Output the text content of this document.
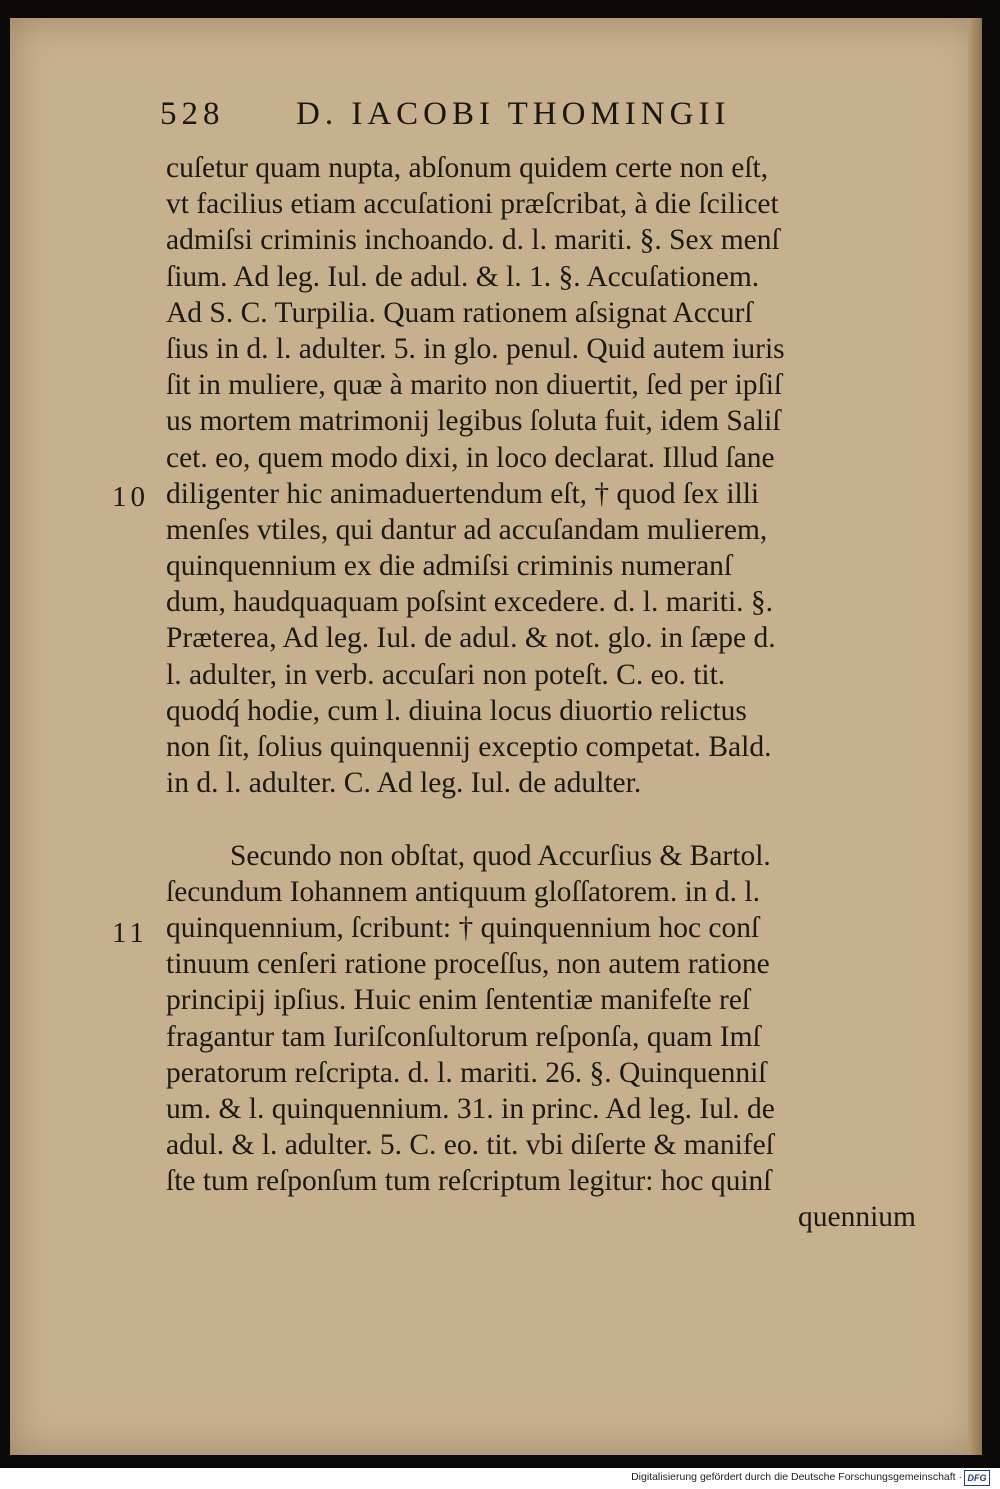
528 D. IACOBI THOMINGII
10
11
cuſetur quam nupta, abſonum quidem certe non eſt,
vt facilius etiam accuſationi præſcribat, à die ſcilicet
admiſsi criminis inchoando. d. l. mariti. §. Sex menſ
ſium. Ad leg. Iul. de adul. & l. 1. §. Accuſationem.
Ad S. C. Turpilia. Quam rationem aſsignat Accurſ
ſius in d. l. adulter. 5. in glo. penul. Quid autem iuris
ſit in muliere, quæ à marito non diuertit, ſed per ipſiſ
us mortem matrimonij legibus ſoluta fuit, idem Saliſ
cet. eo, quem modo dixi, in loco declarat. Illud ſane
diligenter hic animaduertendum eſt, † quod ſex illi
menſes vtiles, qui dantur ad accuſandam mulierem,
quinquennium ex die admiſsi criminis numeranſ
dum, haudquaquam poſsint excedere. d. l. mariti. §.
Præterea, Ad leg. Iul. de adul. & not. glo. in ſæpe d.
l. adulter, in verb. accuſari non poteſt. C. eo. tit.
quodq́ hodie, cum l. diuina locus diuortio relictus
non ſit, ſolius quinquennij exceptio competat. Bald.
in d. l. adulter. C. Ad leg. Iul. de adulter.
Secundo non obſtat, quod Accurſius & Bartol.
ſecundum Iohannem antiquum gloſſatorem. in d. l.
quinquennium, ſcribunt: † quinquennium hoc conſ
tinuum cenſeri ratione proceſſus, non autem ratione
principij ipſius. Huic enim ſententiæ manifeſte reſ
fragantur tam Iuriſconſultorum reſponſa, quam Imſ
peratorum reſcripta. d. l. mariti. 26. §. Quinquenniſ
um. & l. quinquennium. 31. in princ. Ad leg. Iul. de
adul. & l. adulter. 5. C. eo. tit. vbi diſerte & manifeſ
ſte tum reſponſum tum reſcriptum legitur: hoc quinſ
quennium
Digitalisierung gefördert durch die Deutsche Forschungsgemeinschaft · DFG
